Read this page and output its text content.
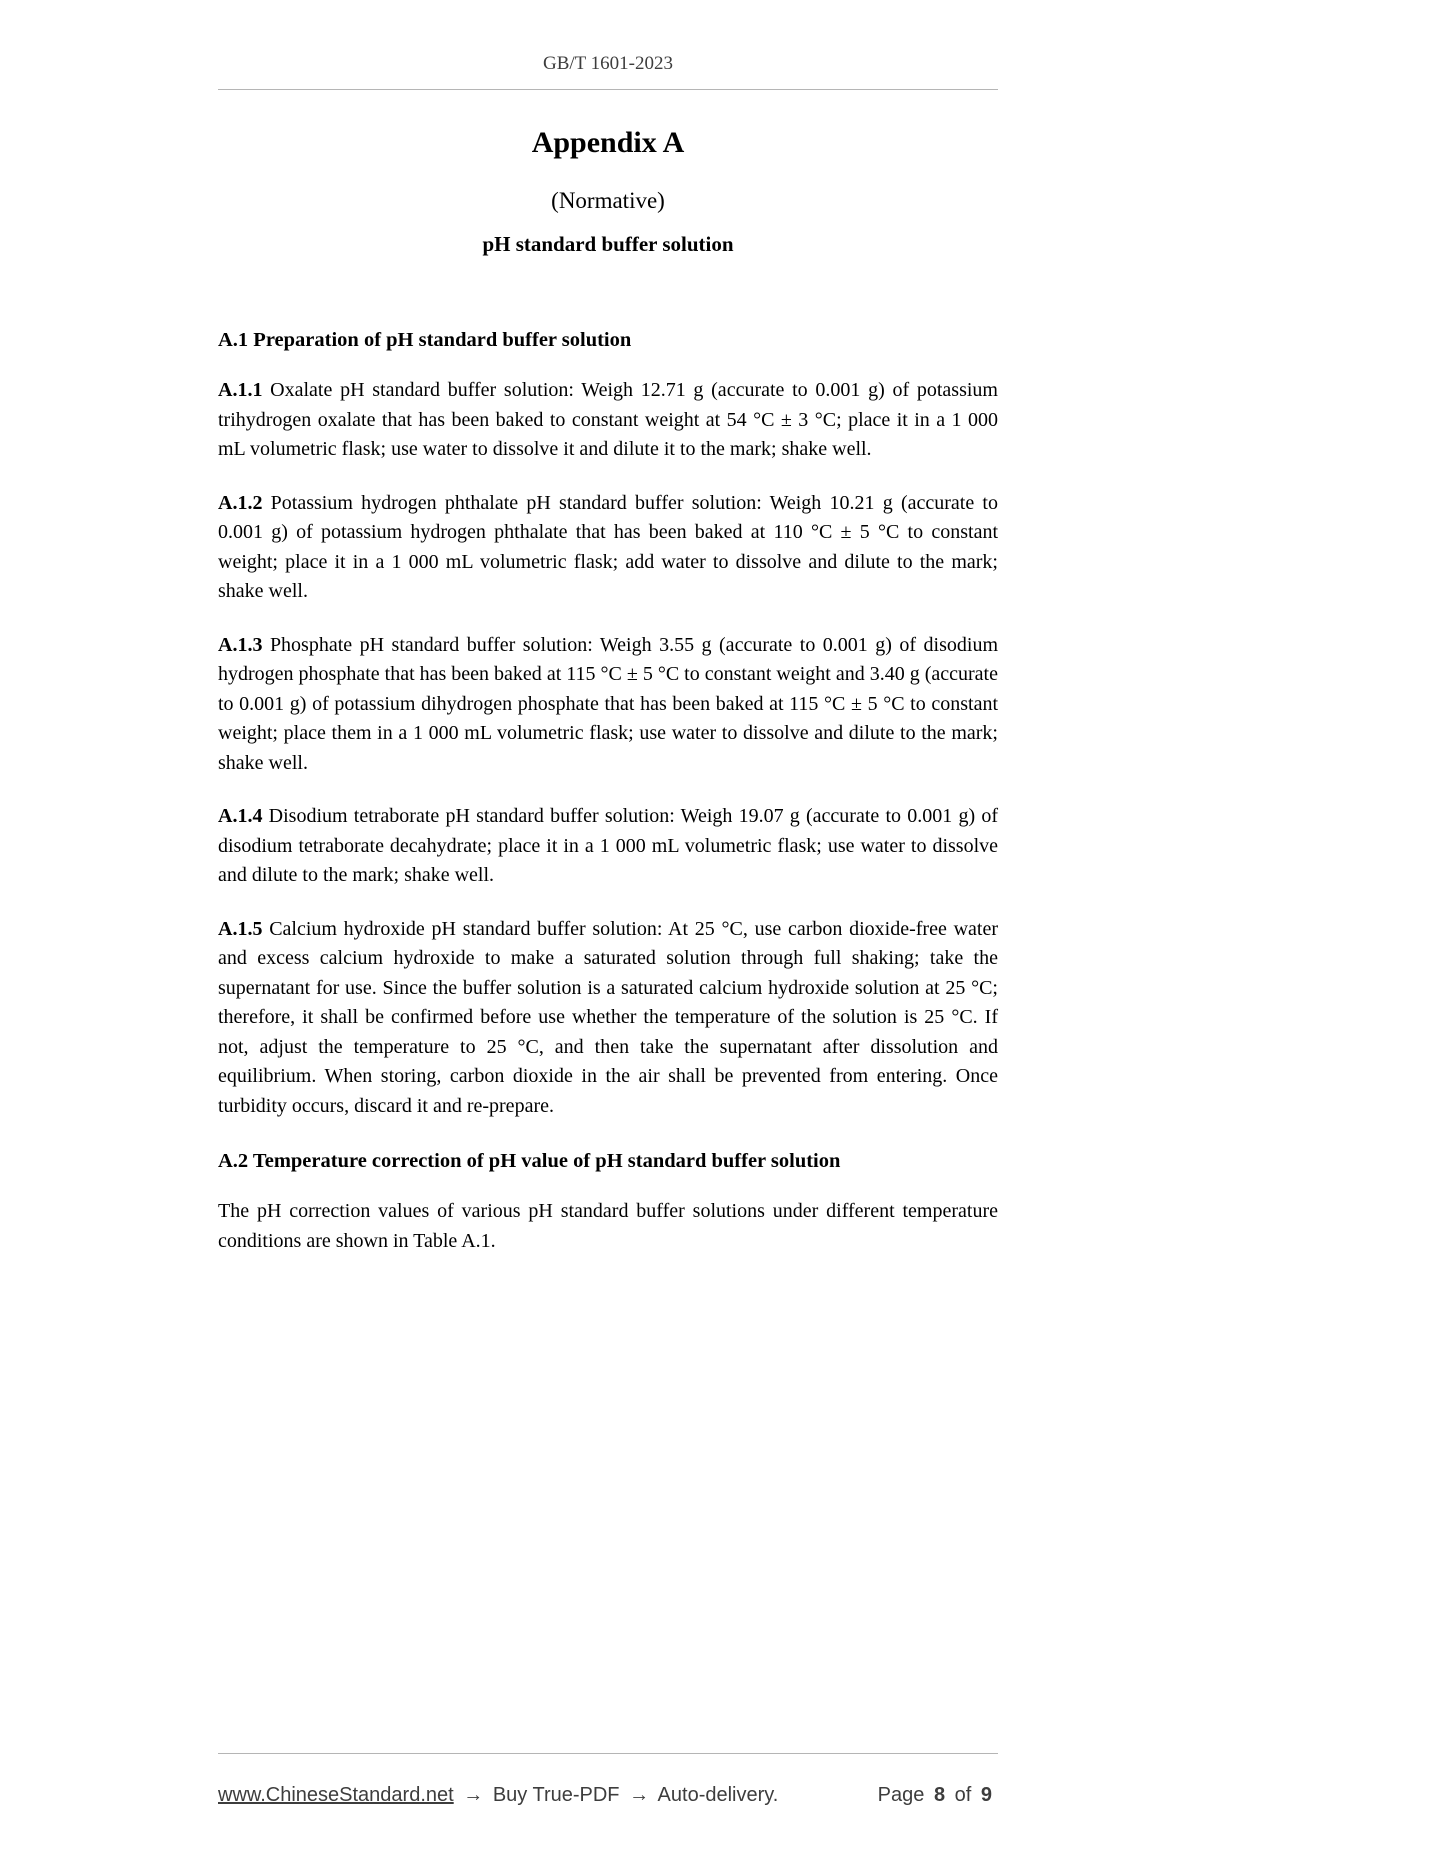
GB/T 1601-2023
Appendix A
(Normative)
pH standard buffer solution
A.1 Preparation of pH standard buffer solution

A.1.1 Oxalate pH standard buffer solution: Weigh 12.71 g (accurate to 0.001 g) of potassium trihydrogen oxalate that has been baked to constant weight at 54 °C ± 3 °C; place it in a 1 000 mL volumetric flask; use water to dissolve it and dilute it to the mark; shake well.

A.1.2 Potassium hydrogen phthalate pH standard buffer solution: Weigh 10.21 g (accurate to 0.001 g) of potassium hydrogen phthalate that has been baked at 110 °C ± 5 °C to constant weight; place it in a 1 000 mL volumetric flask; add water to dissolve and dilute to the mark; shake well.

A.1.3 Phosphate pH standard buffer solution: Weigh 3.55 g (accurate to 0.001 g) of disodium hydrogen phosphate that has been baked at 115 °C ± 5 °C to constant weight and 3.40 g (accurate to 0.001 g) of potassium dihydrogen phosphate that has been baked at 115 °C ± 5 °C to constant weight; place them in a 1 000 mL volumetric flask; use water to dissolve and dilute to the mark; shake well.

A.1.4 Disodium tetraborate pH standard buffer solution: Weigh 19.07 g (accurate to 0.001 g) of disodium tetraborate decahydrate; place it in a 1 000 mL volumetric flask; use water to dissolve and dilute to the mark; shake well.

A.1.5 Calcium hydroxide pH standard buffer solution: At 25 °C, use carbon dioxide-free water and excess calcium hydroxide to make a saturated solution through full shaking; take the supernatant for use. Since the buffer solution is a saturated calcium hydroxide solution at 25 °C; therefore, it shall be confirmed before use whether the temperature of the solution is 25 °C. If not, adjust the temperature to 25 °C, and then take the supernatant after dissolution and equilibrium. When storing, carbon dioxide in the air shall be prevented from entering. Once turbidity occurs, discard it and re-prepare.

A.2 Temperature correction of pH value of pH standard buffer solution

The pH correction values of various pH standard buffer solutions under different temperature conditions are shown in Table A.1.

www.ChineseStandard.net → Buy True-PDF → Auto-delivery.	Page 8 of 9
